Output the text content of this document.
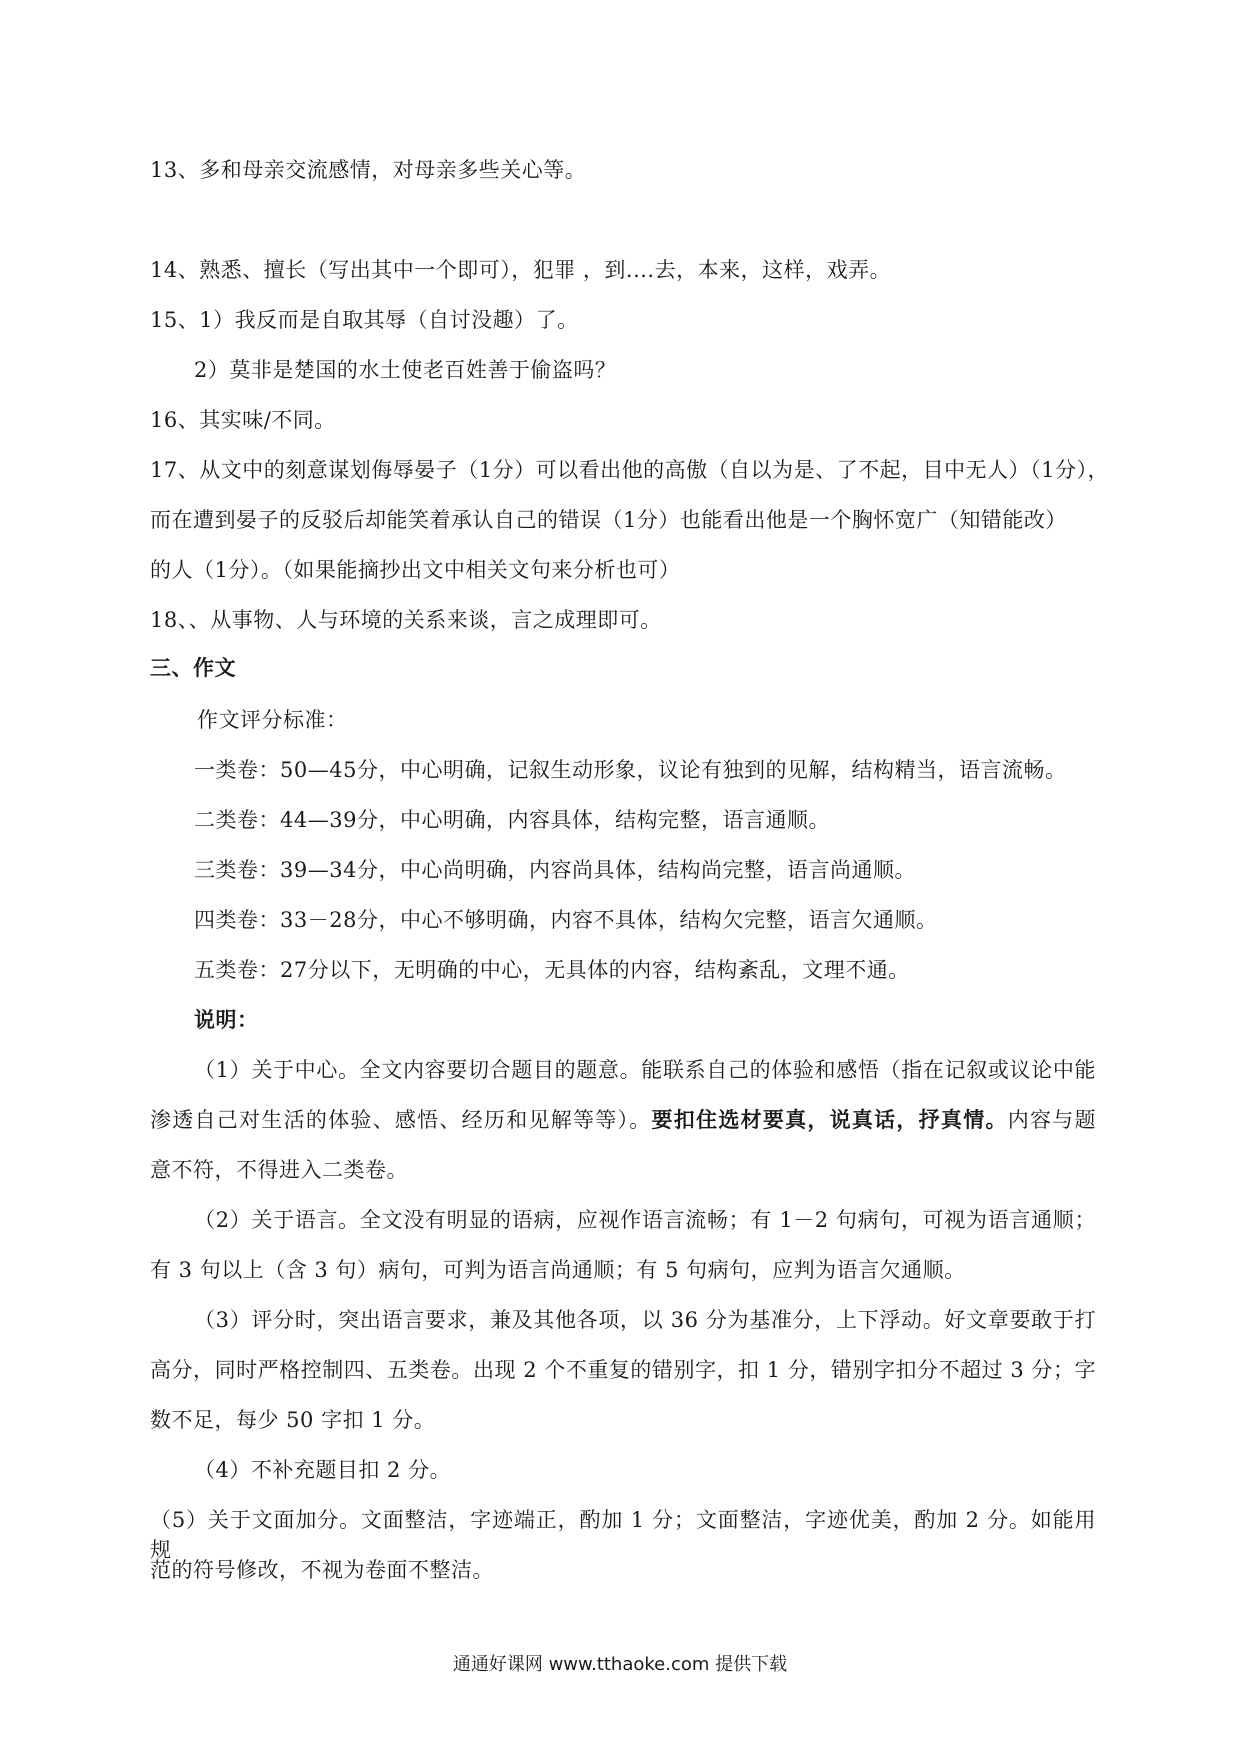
13、多和母亲交流感情，对母亲多些关心等。
14、熟悉、擅长（写出其中一个即可），犯罪 ，到....去，本来，这样，戏弄。
15、1）我反而是自取其辱（自讨没趣）了。
2）莫非是楚国的水土使老百姓善于偷盗吗？
16、其实味/不同。
17、从文中的刻意谋划侮辱晏子（1分）可以看出他的高傲（自以为是、了不起，目中无人）（1分），
而在遭到晏子的反驳后却能笑着承认自己的错误（1分）也能看出他是一个胸怀宽广（知错能改）
的人（1分）。（如果能摘抄出文中相关文句来分析也可）
18、、从事物、人与环境的关系来谈，言之成理即可。
三、作文
作文评分标准：
一类卷：50—45分，中心明确，记叙生动形象，议论有独到的见解，结构精当，语言流畅。
二类卷：44—39分，中心明确，内容具体，结构完整，语言通顺。
三类卷：39—34分，中心尚明确，内容尚具体，结构尚完整，语言尚通顺。
四类卷：33－28分，中心不够明确，内容不具体，结构欠完整，语言欠通顺。
五类卷：27分以下，无明确的中心，无具体的内容，结构紊乱，文理不通。
说明：
（1）关于中心。全文内容要切合题目的题意。能联系自己的体验和感悟（指在记叙或议论中能
渗透自己对生活的体验、感悟、经历和见解等等）。要扣住选材要真，说真话，抒真情。内容与题
意不符，不得进入二类卷。
（2）关于语言。全文没有明显的语病，应视作语言流畅；有 1－2 句病句，可视为语言通顺；
有 3 句以上（含 3 句）病句，可判为语言尚通顺；有 5 句病句，应判为语言欠通顺。
（3）评分时，突出语言要求，兼及其他各项，以 36 分为基准分，上下浮动。好文章要敢于打
高分，同时严格控制四、五类卷。出现 2 个不重复的错别字，扣 1 分，错别字扣分不超过 3 分；字
数不足，每少 50 字扣 1 分。
（4）不补充题目扣 2 分。
（5）关于文面加分。文面整洁，字迹端正，酌加 1 分；文面整洁，字迹优美，酌加 2 分。如能用规
范的符号修改，不视为卷面不整洁。
通通好课网 www.tthaoke.com 提供下载
